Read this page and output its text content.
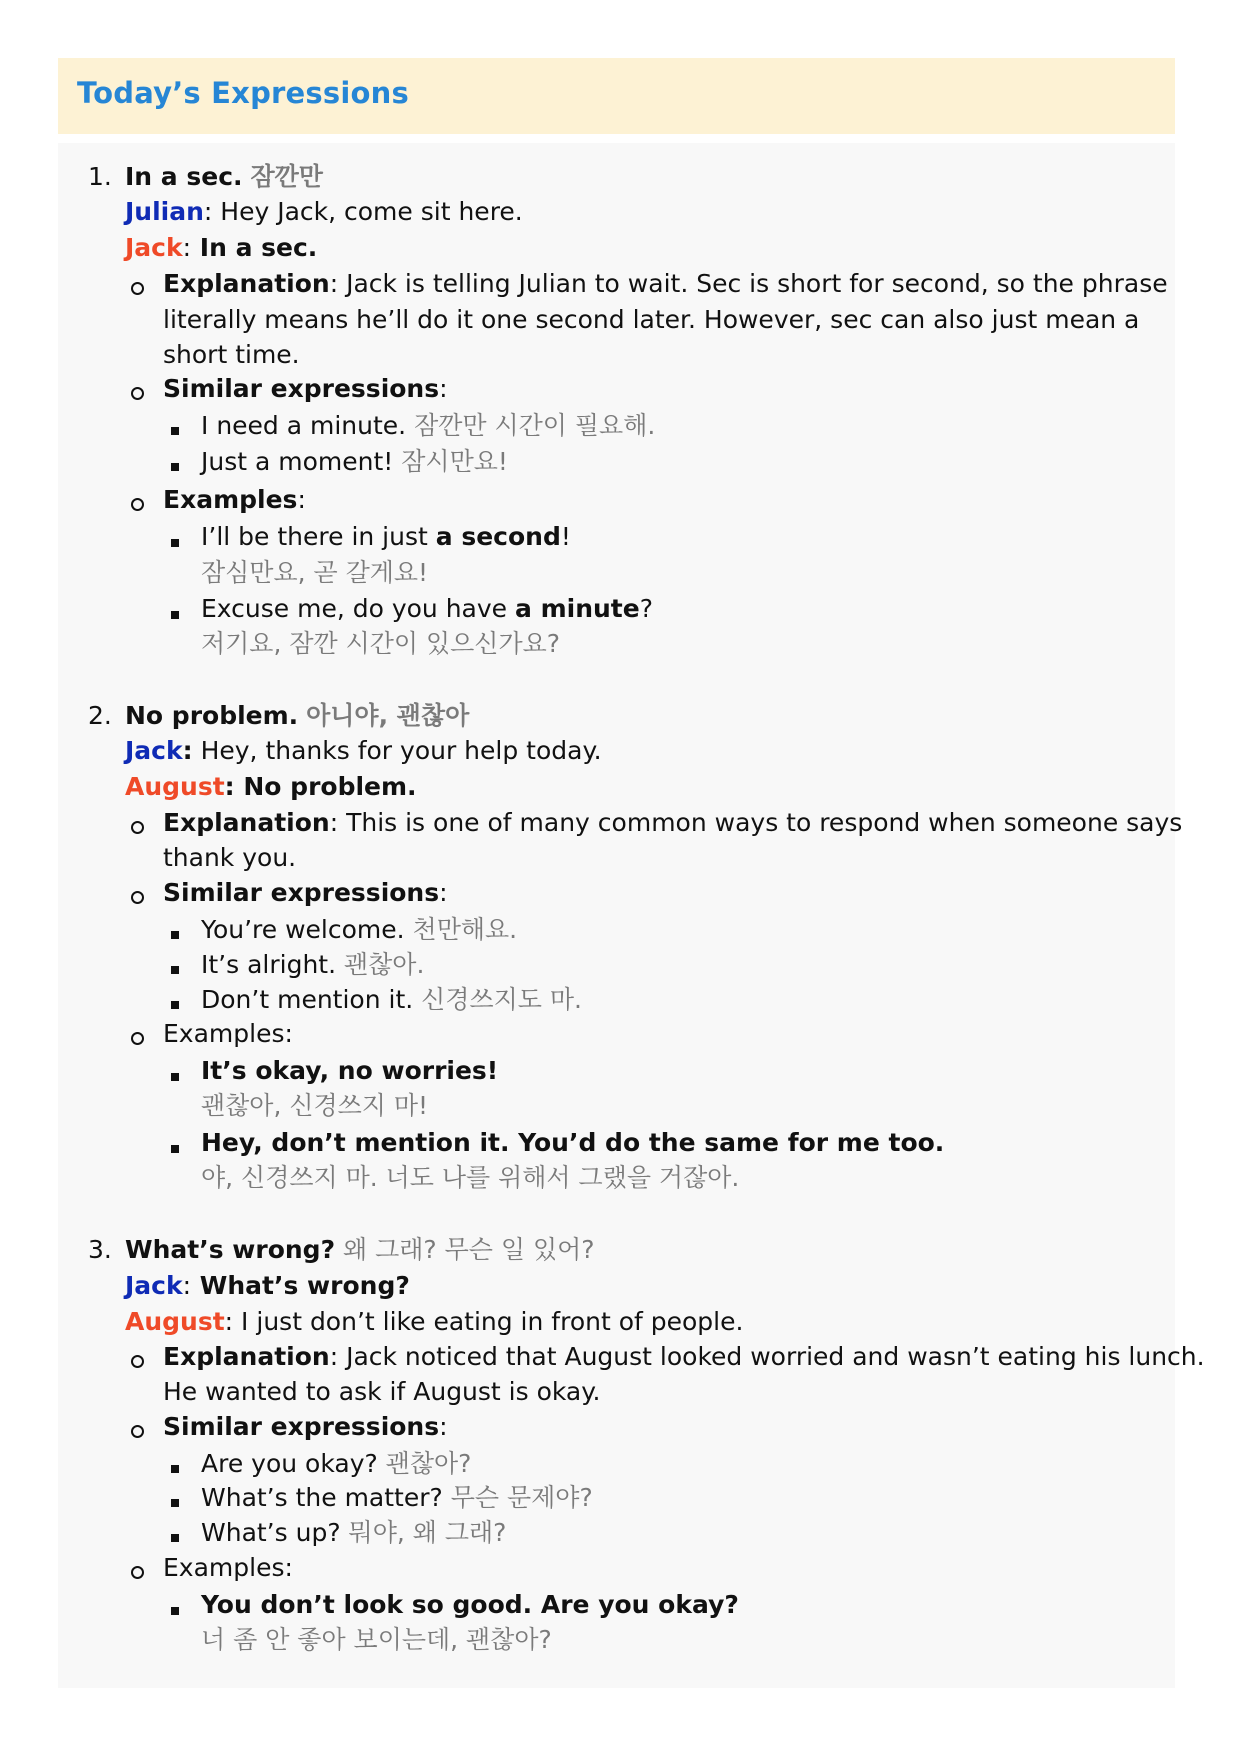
Today’s Expressions
1. In a sec. 잠깐만
Julian: Hey Jack, come sit here.
Jack: In a sec.
Explanation: Jack is telling Julian to wait. Sec is short for second, so the phrase
literally means he’ll do it one second later. However, sec can also just mean a
short time.
Similar expressions:
I need a minute. 잠깐만 시간이 필요해.
Just a moment! 잠시만요!
Examples:
I’ll be there in just a second!
잠심만요, 곧 갈게요!
Excuse me, do you have a minute?
저기요, 잠깐 시간이 있으신가요?
2. No problem. 아니야, 괜찮아
Jack: Hey, thanks for your help today.
August: No problem.
Explanation: This is one of many common ways to respond when someone says
thank you.
Similar expressions:
You’re welcome. 천만해요.
It’s alright. 괜찮아.
Don’t mention it. 신경쓰지도 마.
Examples:
It’s okay, no worries!
괜찮아, 신경쓰지 마!
Hey, don’t mention it. You’d do the same for me too.
야, 신경쓰지 마. 너도 나를 위해서 그랬을 거잖아.
3. What’s wrong? 왜 그래? 무슨 일 있어?
Jack: What’s wrong?
August: I just don’t like eating in front of people.
Explanation: Jack noticed that August looked worried and wasn’t eating his lunch.
He wanted to ask if August is okay.
Similar expressions:
Are you okay? 괜찮아?
What’s the matter? 무슨 문제야?
What’s up? 뭐야, 왜 그래?
Examples:
You don’t look so good. Are you okay?
너 좀 안 좋아 보이는데, 괜찮아?
